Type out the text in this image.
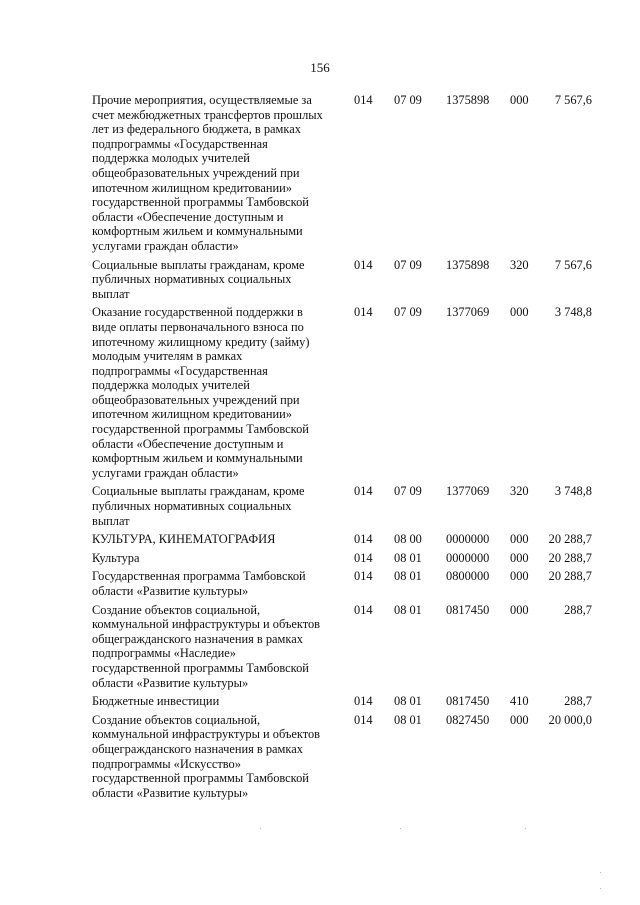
156
Прочие мероприятия, осуществляемые за
счет межбюджетных трансфертов прошлых
лет из федерального бюджета, в рамках
подпрограммы «Государственная
поддержка молодых учителей
общеобразовательных учреждений при
ипотечном жилищном кредитовании»
государственной программы Тамбовской
области «Обеспечение доступным и
комфортным жильем и коммунальными
услугами граждан области»
014	07 09	1375898	000	7 567,6
Социальные выплаты гражданам, кроме
публичных нормативных социальных
выплат
014	07 09	1375898	320	7 567,6
Оказание государственной поддержки в
виде оплаты первоначального взноса по
ипотечному жилищному кредиту (займу)
молодым учителям в рамках
подпрограммы «Государственная
поддержка молодых учителей
общеобразовательных учреждений при
ипотечном жилищном кредитовании»
государственной программы Тамбовской
области «Обеспечение доступным и
комфортным жильем и коммунальными
услугами граждан области»
014	07 09	1377069	000	3 748,8
Социальные выплаты гражданам, кроме
публичных нормативных социальных
выплат
014	07 09	1377069	320	3 748,8
КУЛЬТУРА, КИНЕМАТОГРАФИЯ	014	08 00	0000000	000	20 288,7
Культура	014	08 01	0000000	000	20 288,7
Государственная программа Тамбовской
области «Развитие культуры»
014	08 01	0800000	000	20 288,7
Создание объектов социальной,
коммунальной инфраструктуры и объектов
общегражданского назначения в рамках
подпрограммы «Наследие»
государственной программы Тамбовской
области «Развитие культуры»
014	08 01	0817450	000	288,7
Бюджетные инвестиции	014	08 01	0817450	410	288,7
Создание объектов социальной,
коммунальной инфраструктуры и объектов
общегражданского назначения в рамках
подпрограммы «Искусство»
государственной программы Тамбовской
области «Развитие культуры»
014	08 01	0827450	000	20 000,0
